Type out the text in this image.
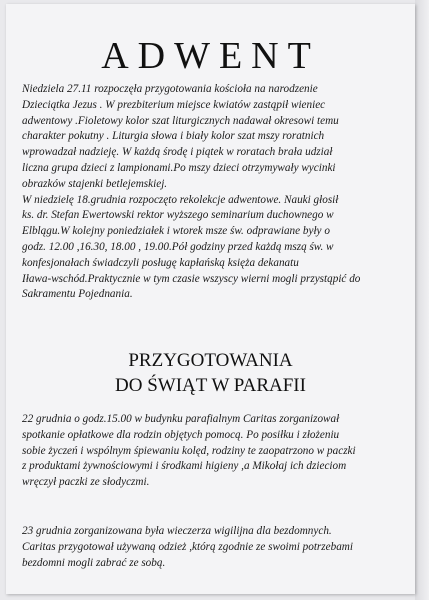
ADWENT

Niedziela 27.11 rozpoczęła przygotowania kościoła na narodzenie
Dzieciątka Jezus . W prezbiterium miejsce kwiatów zastąpił wieniec
adwentowy .Fioletowy kolor szat liturgicznych nadawał okresowi temu
charakter pokutny . Liturgia słowa i biały kolor szat mszy roratnich
wprowadzał nadzieję. W każdą środę i piątek w roratach brała udział
liczna grupa dzieci z lampionami.Po mszy dzieci otrzymywały wycinki
obrazków stajenki betlejemskiej.

W niedzielę 18.grudnia rozpoczęto rekolekcje adwentowe. Nauki głosił
ks. dr. Stefan Ewertowski rektor wyższego seminarium duchownego w
Elblągu.W kolejny poniedziałek i wtorek msze św. odprawiane były o
godz. 12.00 ,16.30, 18.00 , 19.00.Pół godziny przed każdą mszą św. w
konfesjonałach świadczyli posługę kapłańską księża dekanatu
Iława-wschód.Praktycznie w tym czasie wszyscy wierni mogli przystąpić do
Sakramentu Pojednania.

PRZYGOTOWANIA
DO ŚWIĄT W PARAFII

22 grudnia o godz.15.00 w budynku parafialnym Caritas zorganizował
spotkanie opłatkowe dla rodzin objętych pomocą. Po posiłku i złożeniu
sobie życzeń i wspólnym śpiewaniu kolęd, rodziny te zaopatrzono w paczki
z produktami żywnościowymi i środkami higieny ,a Mikołaj ich dzieciom
wręczył paczki ze słodyczmi.

23 grudnia zorganizowana była wieczerza wigilijna dla bezdomnych.
Caritas przygotował używaną odzież ,którą zgodnie ze swoimi potrzebami
bezdomni mogli zabrać ze sobą.
